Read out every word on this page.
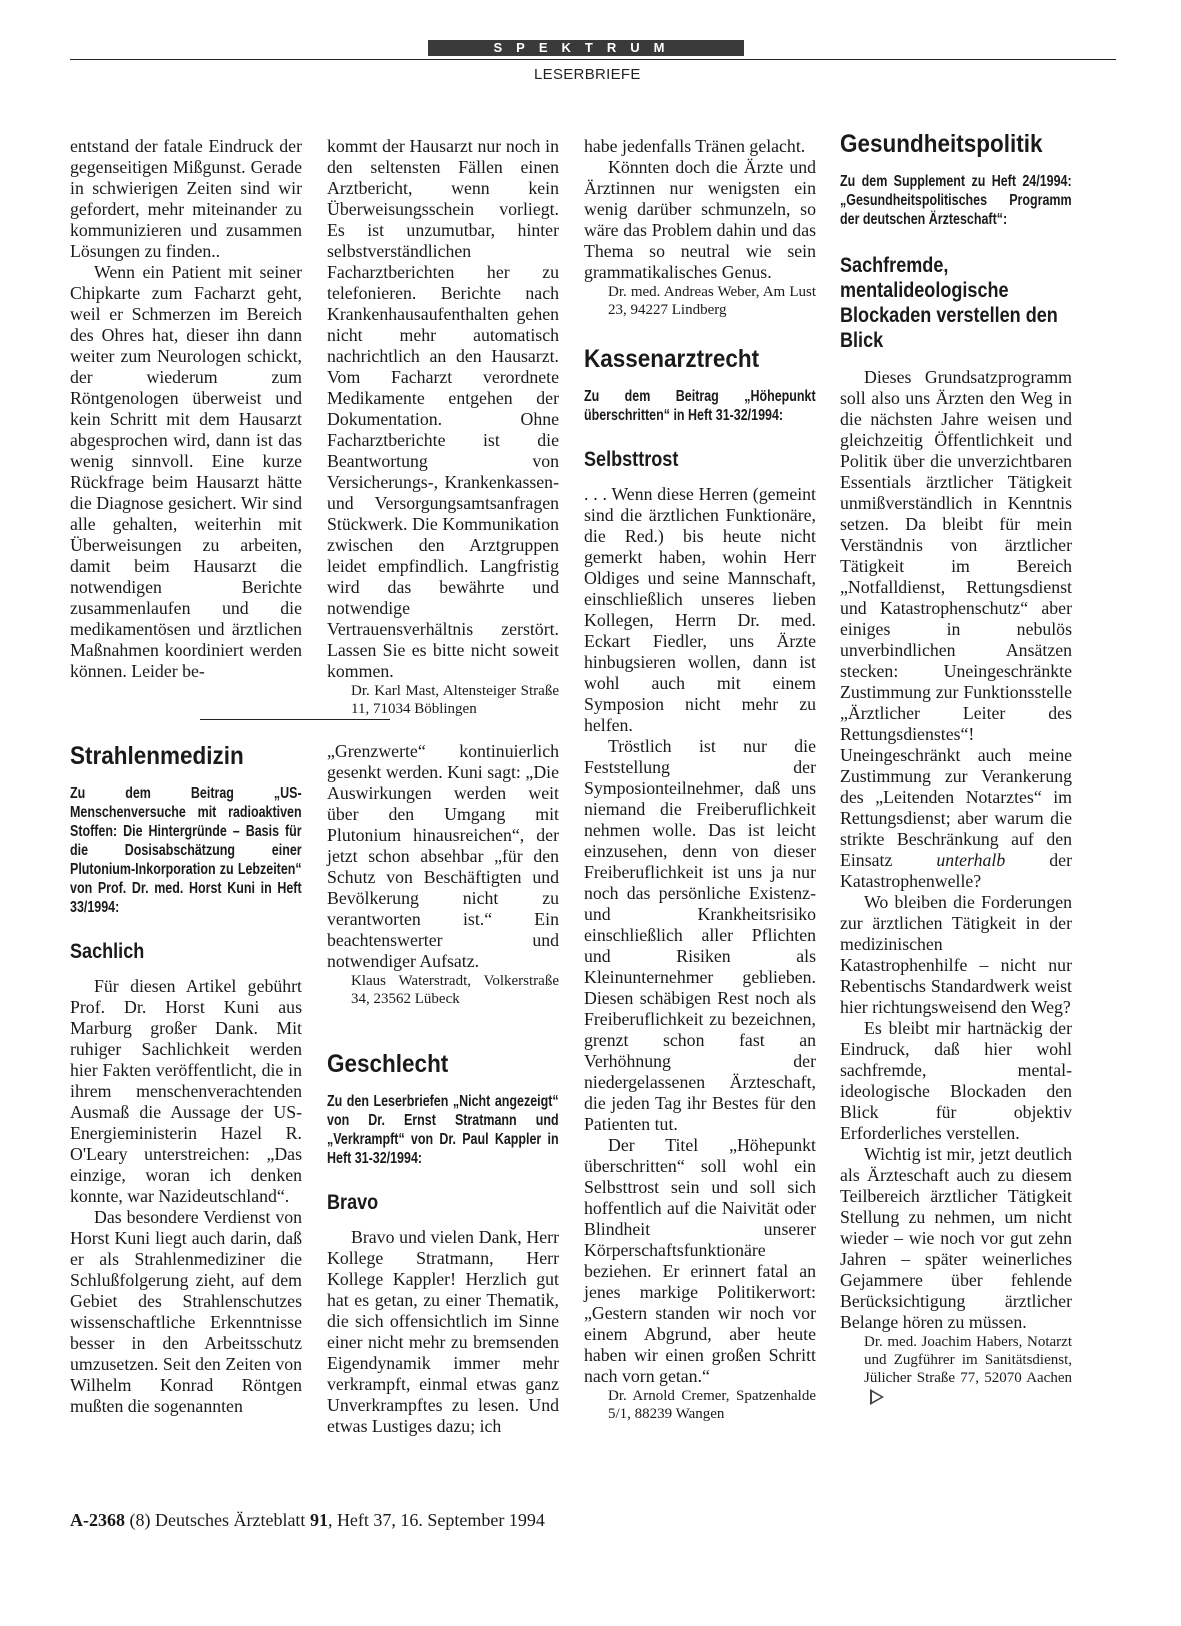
SPEKTRUM
LESERBRIEFE

entstand der fatale Eindruck der gegenseitigen Mißgunst. Gerade in schwierigen Zeiten sind wir gefordert, mehr miteinander zu kommunizieren und zusammen Lösungen zu finden..

Wenn ein Patient mit seiner Chipkarte zum Facharzt geht, weil er Schmerzen im Bereich des Ohres hat, dieser ihn dann weiter zum Neurologen schickt, der wiederum zum Röntgenologen überweist und kein Schritt mit dem Hausarzt abgesprochen wird, dann ist das wenig sinnvoll. Eine kurze Rückfrage beim Hausarzt hätte die Diagnose gesichert. Wir sind alle gehalten, weiterhin mit Überweisungen zu arbeiten, damit beim Hausarzt die notwendigen Berichte zusammenlaufen und die medikamentösen und ärztlichen Maßnahmen koordiniert werden können. Leider be-

kommt der Hausarzt nur noch in den seltensten Fällen einen Arztbericht, wenn kein Überweisungsschein vorliegt. Es ist unzumutbar, hinter selbstverständlichen Facharztberichten her zu telefonieren. Berichte nach Krankenhausaufenthalten gehen nicht mehr automatisch nachrichtlich an den Hausarzt. Vom Facharzt verordnete Medikamente entgehen der Dokumentation. Ohne Facharztberichte ist die Beantwortung von Versicherungs-, Krankenkassen- und Versorgungsamtsanfragen Stückwerk. Die Kommunikation zwischen den Arztgruppen leidet empfindlich. Langfristig wird das bewährte und notwendige Vertrauensverhältnis zerstört. Lassen Sie es bitte nicht soweit kommen.

Dr. Karl Mast, Altensteiger Straße 11, 71034 Böblingen

Strahlenmedizin

Zu dem Beitrag „US-Menschenversuche mit radioaktiven Stoffen: Die Hintergründe – Basis für die Dosisabschätzung einer Plutonium-Inkorporation zu Lebzeiten“ von Prof. Dr. med. Horst Kuni in Heft 33/1994:

Sachlich

Für diesen Artikel gebührt Prof. Dr. Horst Kuni aus Marburg großer Dank. Mit ruhiger Sachlichkeit werden hier Fakten veröffentlicht, die in ihrem menschenverachtenden Ausmaß die Aussage der US-Energieministerin Hazel R. O'Leary unterstreichen: „Das einzige, woran ich denken konnte, war Nazideutschland“.

Das besondere Verdienst von Horst Kuni liegt auch darin, daß er als Strahlenmediziner die Schlußfolgerung zieht, auf dem Gebiet des Strahlenschutzes wissenschaftliche Erkenntnisse besser in den Arbeitsschutz umzusetzen. Seit den Zeiten von Wilhelm Konrad Röntgen mußten die sogenannten

„Grenzwerte“ kontinuierlich gesenkt werden. Kuni sagt: „Die Auswirkungen werden weit über den Umgang mit Plutonium hinausreichen“, der jetzt schon absehbar „für den Schutz von Beschäftigten und Bevölkerung nicht zu verantworten ist.“ Ein beachtenswerter und notwendiger Aufsatz.

Klaus Waterstradt, Volkerstraße 34, 23562 Lübeck

Geschlecht

Zu den Leserbriefen „Nicht angezeigt“ von Dr. Ernst Stratmann und „Verkrampft“ von Dr. Paul Kappler in Heft 31-32/1994:

Bravo

Bravo und vielen Dank, Herr Kollege Stratmann, Herr Kollege Kappler! Herzlich gut hat es getan, zu einer Thematik, die sich offensichtlich im Sinne einer nicht mehr zu bremsenden Eigendynamik immer mehr verkrampft, einmal etwas ganz Unverkrampftes zu lesen. Und etwas Lustiges dazu; ich

habe jedenfalls Tränen gelacht.

Könnten doch die Ärzte und Ärztinnen nur wenigsten ein wenig darüber schmunzeln, so wäre das Problem dahin und das Thema so neutral wie sein grammatikalisches Genus.

Dr. med. Andreas Weber, Am Lust 23, 94227 Lindberg

Kassenarztrecht

Zu dem Beitrag „Höhepunkt überschritten“ in Heft 31-32/1994:

Selbsttrost

. . . Wenn diese Herren (gemeint sind die ärztlichen Funktionäre, die Red.) bis heute nicht gemerkt haben, wohin Herr Oldiges und seine Mannschaft, einschließlich unseres lieben Kollegen, Herrn Dr. med. Eckart Fiedler, uns Ärzte hinbugsieren wollen, dann ist wohl auch mit einem Symposion nicht mehr zu helfen.

Tröstlich ist nur die Feststellung der Symposionteilnehmer, daß uns niemand die Freiberuflichkeit nehmen wolle. Das ist leicht einzusehen, denn von dieser Freiberuflichkeit ist uns ja nur noch das persönliche Existenz- und Krankheitsrisiko einschließlich aller Pflichten und Risiken als Kleinunternehmer geblieben. Diesen schäbigen Rest noch als Freiberuflichkeit zu bezeichnen, grenzt schon fast an Verhöhnung der niedergelassenen Ärzteschaft, die jeden Tag ihr Bestes für den Patienten tut.

Der Titel „Höhepunkt überschritten“ soll wohl ein Selbsttrost sein und soll sich hoffentlich auf die Naivität oder Blindheit unserer Körperschaftsfunktionäre beziehen. Er erinnert fatal an jenes markige Politikerwort: „Gestern standen wir noch vor einem Abgrund, aber heute haben wir einen großen Schritt nach vorn getan.“

Dr. Arnold Cremer, Spatzenhalde 5/1, 88239 Wangen

Gesundheitspolitik

Zu dem Supplement zu Heft 24/1994: „Gesundheitspolitisches Programm der deutschen Ärzteschaft“:

Sachfremde, mentalideologische Blockaden verstellen den Blick

Dieses Grundsatzprogramm soll also uns Ärzten den Weg in die nächsten Jahre weisen und gleichzeitig Öffentlichkeit und Politik über die unverzichtbaren Essentials ärztlicher Tätigkeit unmißverständlich in Kenntnis setzen. Da bleibt für mein Verständnis von ärztlicher Tätigkeit im Bereich „Notfalldienst, Rettungsdienst und Katastrophenschutz“ aber einiges in nebulös unverbindlichen Ansätzen stecken: Uneingeschränkte Zustimmung zur Funktionsstelle „Ärztlicher Leiter des Rettungsdienstes“! Uneingeschränkt auch meine Zustimmung zur Verankerung des „Leitenden Notarztes“ im Rettungsdienst; aber warum die strikte Beschränkung auf den Einsatz unterhalb der Katastrophenwelle?

Wo bleiben die Forderungen zur ärztlichen Tätigkeit in der medizinischen Katastrophenhilfe – nicht nur Rebentischs Standardwerk weist hier richtungsweisend den Weg?

Es bleibt mir hartnäckig der Eindruck, daß hier wohl sachfremde, mental-ideologische Blockaden den Blick für objektiv Erforderliches verstellen.

Wichtig ist mir, jetzt deutlich als Ärzteschaft auch zu diesem Teilbereich ärztlicher Tätigkeit Stellung zu nehmen, um nicht wieder – wie noch vor gut zehn Jahren – später weinerliches Gejammere über fehlende Berücksichtigung ärztlicher Belange hören zu müssen.

Dr. med. Joachim Habers, Notarzt und Zugführer im Sanitätsdienst, Jülicher Straße 77, 52070 Aachen

A-2368 (8) Deutsches Ärzteblatt 91, Heft 37, 16. September 1994
